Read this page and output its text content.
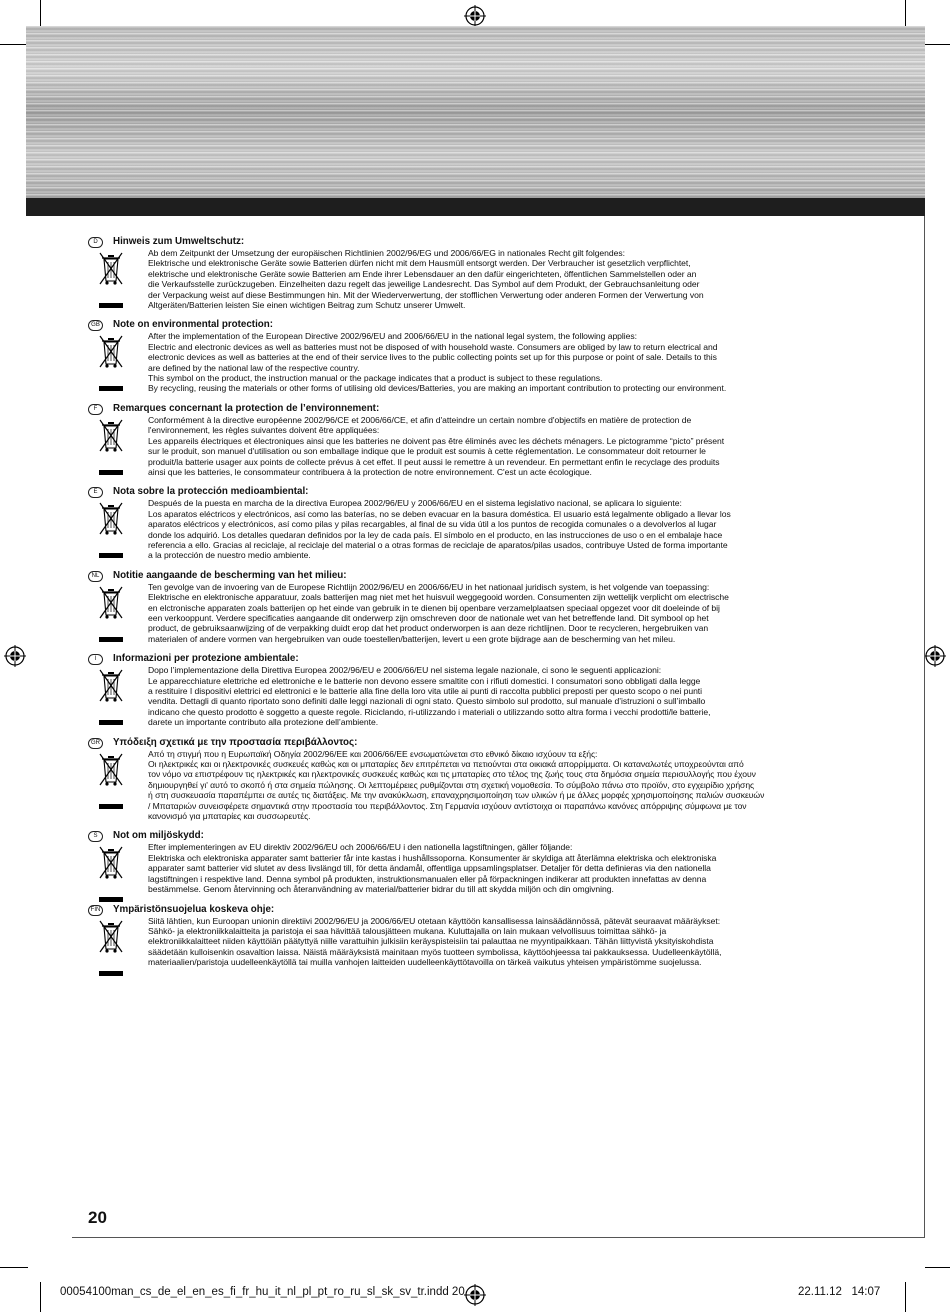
D Hinweis zum Umweltschutz:
Ab dem Zeitpunkt der Umsetzung der europäischen Richtlinien 2002/96/EG und 2006/66/EG in nationales Recht gilt folgendes:
Elektrische und elektronische Geräte sowie Batterien dürfen nicht mit dem Hausmüll entsorgt werden. Der Verbraucher ist gesetzlich verpflichtet,
elektrische und elektronische Geräte sowie Batterien am Ende ihrer Lebensdauer an den dafür eingerichteten, öffentlichen Sammelstellen oder an
die Verkaufsstelle zurückzugeben. Einzelheiten dazu regelt das jeweilige Landesrecht. Das Symbol auf dem Produkt, der Gebrauchsanleitung oder
der Verpackung weist auf diese Bestimmungen hin. Mit der Wiederverwertung, der stofflichen Verwertung oder anderen Formen der Verwertung von
Altgeräten/Batterien leisten Sie einen wichtigen Beitrag zum Schutz unserer Umwelt.
GB Note on environmental protection:
After the implementation of the European Directive 2002/96/EU and 2006/66/EU in the national legal system, the following applies:
Electric and electronic devices as well as batteries must not be disposed of with household waste. Consumers are obliged by law to return electrical and
electronic devices as well as batteries at the end of their service lives to the public collecting points set up for this purpose or point of sale. Details to this
are defined by the national law of the respective country.
This symbol on the product, the instruction manual or the package indicates that a product is subject to these regulations.
By recycling, reusing the materials or other forms of utilising old devices/Batteries, you are making an important contribution to protecting our environment.
F Remarques concernant la protection de l’environnement:
Conformément à la directive européenne 2002/96/CE et 2006/66/CE, et afin d'atteindre un certain nombre d'objectifs en matière de protection de
l'environnement, les règles suivantes doivent être appliquées:
Les appareils électriques et électroniques ainsi que les batteries ne doivent pas être éliminés avec les déchets ménagers. Le pictogramme “picto” présent
sur le produit, son manuel d'utilisation ou son emballage indique que le produit est soumis à cette réglementation. Le consommateur doit retourner le
produit/la batterie usager aux points de collecte prévus à cet effet. Il peut aussi le remettre à un revendeur. En permettant enfin le recyclage des produits
ainsi que les batteries, le consommateur contribuera à la protection de notre environnement. C'est un acte écologique.
E Nota sobre la protección medioambiental:
Después de la puesta en marcha de la directiva Europea 2002/96/EU y 2006/66/EU en el sistema legislativo nacional, se aplicara lo siguiente:
Los aparatos eléctricos y electrónicos, así como las baterías, no se deben evacuar en la basura doméstica. El usuario está legalmente obligado a llevar los
aparatos eléctricos y electrónicos, así como pilas y pilas recargables, al final de su vida útil a los puntos de recogida comunales o a devolverlos al lugar
donde los adquirió. Los detalles quedaran definidos por la ley de cada país. El símbolo en el producto, en las instrucciones de uso o en el embalaje hace
referencia a ello. Gracias al reciclaje, al reciclaje del material o a otras formas de reciclaje de aparatos/pilas usados, contribuye Usted de forma importante
a la protección de nuestro medio ambiente.
NL Notitie aangaande de bescherming van het milieu:
Ten gevolge van de invoering van de Europese Richtlijn 2002/96/EU en 2006/66/EU in het nationaal juridisch system, is het volgende van toepassing:
Elektrische en elektronische apparatuur, zoals batterijen mag niet met het huisvuil weggegooid worden. Consumenten zijn wettelijk verplicht om electrische
en elctronische apparaten zoals batterijen op het einde van gebruik in te dienen bij openbare verzamelplaatsen speciaal opgezet voor dit doeleinde of bij
een verkooppunt. Verdere specificaties aangaande dit onderwerp zijn omschreven door de nationale wet van het betreffende land. Dit symbool op het
product, de gebruiksaanwijzing of de verpakking duidt erop dat het product onderworpen is aan deze richtlijnen. Door te recycleren, hergebruiken van
materialen of andere vormen van hergebruiken van oude toestellen/batterijen, levert u een grote bijdrage aan de bescherming van het mileu.
I Informazioni per protezione ambientale:
Dopo l’implementazione della Direttiva Europea 2002/96/EU e 2006/66/EU nel sistema legale nazionale, ci sono le seguenti applicazioni:
Le apparecchiature elettriche ed elettroniche e le batterie non devono essere smaltite con i rifiuti domestici. I consumatori sono obbligati dalla legge
a restituire I dispositivi elettrici ed elettronici e le batterie alla fine della loro vita utile ai punti di raccolta pubblici preposti per questo scopo o nei punti
vendita. Dettagli di quanto riportato sono definiti dalle leggi nazionali di ogni stato. Questo simbolo sul prodotto, sul manuale d’istruzioni o sull’imballo
indicano che questo prodotto è soggetto a queste regole. Riciclando, ri-utilizzando i materiali o utilizzando sotto altra forma i vecchi prodotti/le batterie,
darete un importante contributo alla protezione dell’ambiente.
GR Υπόδειξη σχετικά με την προστασία περιβάλλοντος:
Από τη στιγμή που η Ευρωπαϊκή Οδηγία 2002/96/ΕΕ και 2006/66/ΕΕ ενσωματώνεται στο εθνικό δίκαιο ισχύουν τα εξής:
Οι ηλεκτρικές και οι ηλεκτρονικές συσκευές καθώς και οι μπαταρίες δεν επιτρέπεται να πετιούνται στα οικιακά απορρίμματα. Οι καταναλωτές υποχρεούνται από
τον νόμο να επιστρέφουν τις ηλεκτρικές και ηλεκτρονικές συσκευές καθώς και τις μπαταρίες στο τέλος της ζωής τους στα δημόσια σημεία περισυλλογής που έχουν
δημιουργηθεί γι' αυτό το σκοπό ή στα σημεία πώλησης. Οι λεπτομέρειες ρυθμίζονται στη σχετική νομοθεσία. Το σύμβολο πάνω στο προϊόν, στο εγχειρίδιο χρήσης
ή στη συσκευασία παραπέμπει σε αυτές τις διατάξεις. Με την ανακύκλωση, επαναχρησιμοποίηση των υλικών ή με άλλες μορφές χρησιμοποίησης παλιών συσκευών
/ Μπαταριών συνεισφέρετε σημαντικά στην προστασία του περιβάλλοντος. Στη Γερμανία ισχύουν αντίστοιχα οι παραπάνω κανόνες απόρριψης σύμφωνα με τον
κανονισμό για μπαταρίες και συσσωρευτές.
S Not om miljöskydd:
Efter implementeringen av EU direktiv 2002/96/EU och 2006/66/EU i den nationella lagstiftningen, gäller följande:
Elektriska och elektroniska apparater samt batterier får inte kastas i hushållssoporna. Konsumenter är skyldiga att återlämna elektriska och elektroniska
apparater samt batterier vid slutet av dess livslängd till, för detta ändamål, offentliga uppsamlingsplatser. Detaljer för detta definieras via den nationella
lagstiftningen i respektive land. Denna symbol på produkten, instruktionsmanualen eller på förpackningen indikerar att produkten innefattas av denna
bestämmelse. Genom återvinning och återanvändning av material/batterier bidrar du till att skydda miljön och din omgivning.
FIN Ympäristönsuojelua koskeva ohje:
Siitä lähtien, kun Euroopan unionin direktiivi 2002/96/EU ja 2006/66/EU otetaan käyttöön kansallisessa lainsäädännössä, pätevät seuraavat määräykset:
Sähkö- ja elektroniikkalaitteita ja paristoja ei saa hävittää talousjätteen mukana. Kuluttajalla on lain mukaan velvollisuus toimittaa sähkö- ja
elektroniikkalaitteet niiden käyttöiän päätyttyä niille varattuihin julkisiin keräyspisteisiin tai palauttaa ne myyntipaikkaan. Tähän liittyvistä yksityiskohdista
säädetään kulloisenkin osavaltion laissa. Näistä määräyksistä mainitaan myös tuotteen symbolissa, käyttöohjeessa tai pakkauksessa. Uudelleenkäytöllä,
materiaalien/paristoja uudelleenkäytöllä tai muilla vanhojen laitteiden uudelleenkäyttötavoilla on tärkeä vaikutus yhteisen ympäristömme suojelussa.
20
00054100man_cs_de_el_en_es_fi_fr_hu_it_nl_pl_pt_ro_ru_sl_sk_sv_tr.indd 20	22.11.12 14:07
